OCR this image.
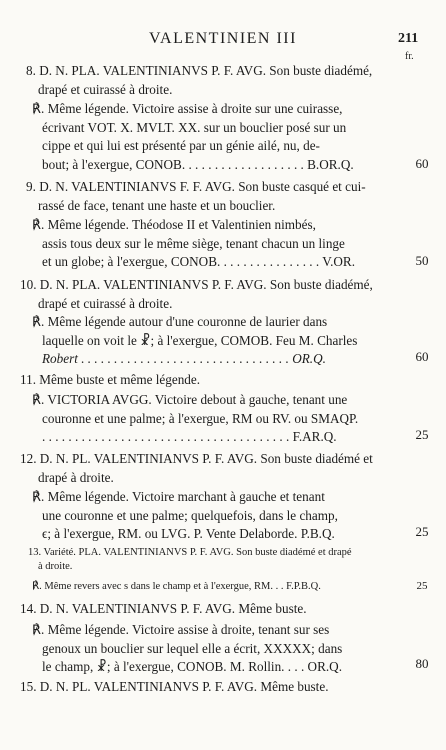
VALENTINIEN III	211
fr.
8. D. N. PLA. VALENTINIANVS P. F. AVG. Son buste diadémé,
drapé et cuirassé à droite.
℟. Même légende. Victoire assise à droite sur une cuirasse,
écrivant VOT. X. MVLT. XX. sur un bouclier posé sur un
cippe et qui lui est présenté par un génie ailé, nu, de-
bout; à l'exergue, CONOB. . . . . . . . . . . . . . . . . . . B.OR.Q.	60
9. D. N. VALENTINIANVS F. F. AVG. Son buste casqué et cui-
rassé de face, tenant une haste et un bouclier.
℟. Même légende. Théodose II et Valentinien nimbés,
assis tous deux sur le même siège, tenant chacun un linge
et un globe; à l'exergue, CONOB. . . . . . . . . . . . . . . . V.OR.	50
10. D. N. PLA. VALENTINIANVS P. F. AVG. Son buste diadémé,
drapé et cuirassé à droite.
℟. Même légende autour d'une couronne de laurier dans
laquelle on voit le ☧; à l'exergue, COMOB. Feu M. Charles
Robert . . . . . . . . . . . . . . . . . . . . . . . . . . . . . . . . OR.Q.	60
11. Même buste et même légende.
℟. VICTORIA AVGG. Victoire debout à gauche, tenant une
couronne et une palme; à l'exergue, RM ou RV. ou SMAQP.
. . . . . . . . . . . . . . . . . . . . . . . . . . . . . . . . . . . . . . F.AR.Q.	25
12. D. N. PL. VALENTINIANVS P. F. AVG. Son buste diadémé et
drapé à droite.
℟. Même légende. Victoire marchant à gauche et tenant
une couronne et une palme; quelquefois, dans le champ,
ϵ; à l'exergue, RM. ou LVG. P. Vente Delaborde. P.B.Q.	25
13. Variété. PLA. VALENTINIANVS P. F. AVG. Son buste diadémé et drapé
à droite.
℟. Même revers avec s dans le champ et à l'exergue, RM. . . F.P.B.Q.	25
14. D. N. VALENTINIANVS P. F. AVG. Même buste.
℟. Même légende. Victoire assise à droite, tenant sur ses
genoux un bouclier sur lequel elle a écrit, XXXXX; dans
le champ, ☧; à l'exergue, CONOB. M. Rollin. . . . OR.Q.	80
15. D. N. PL. VALENTINIANVS P. F. AVG. Même buste.
